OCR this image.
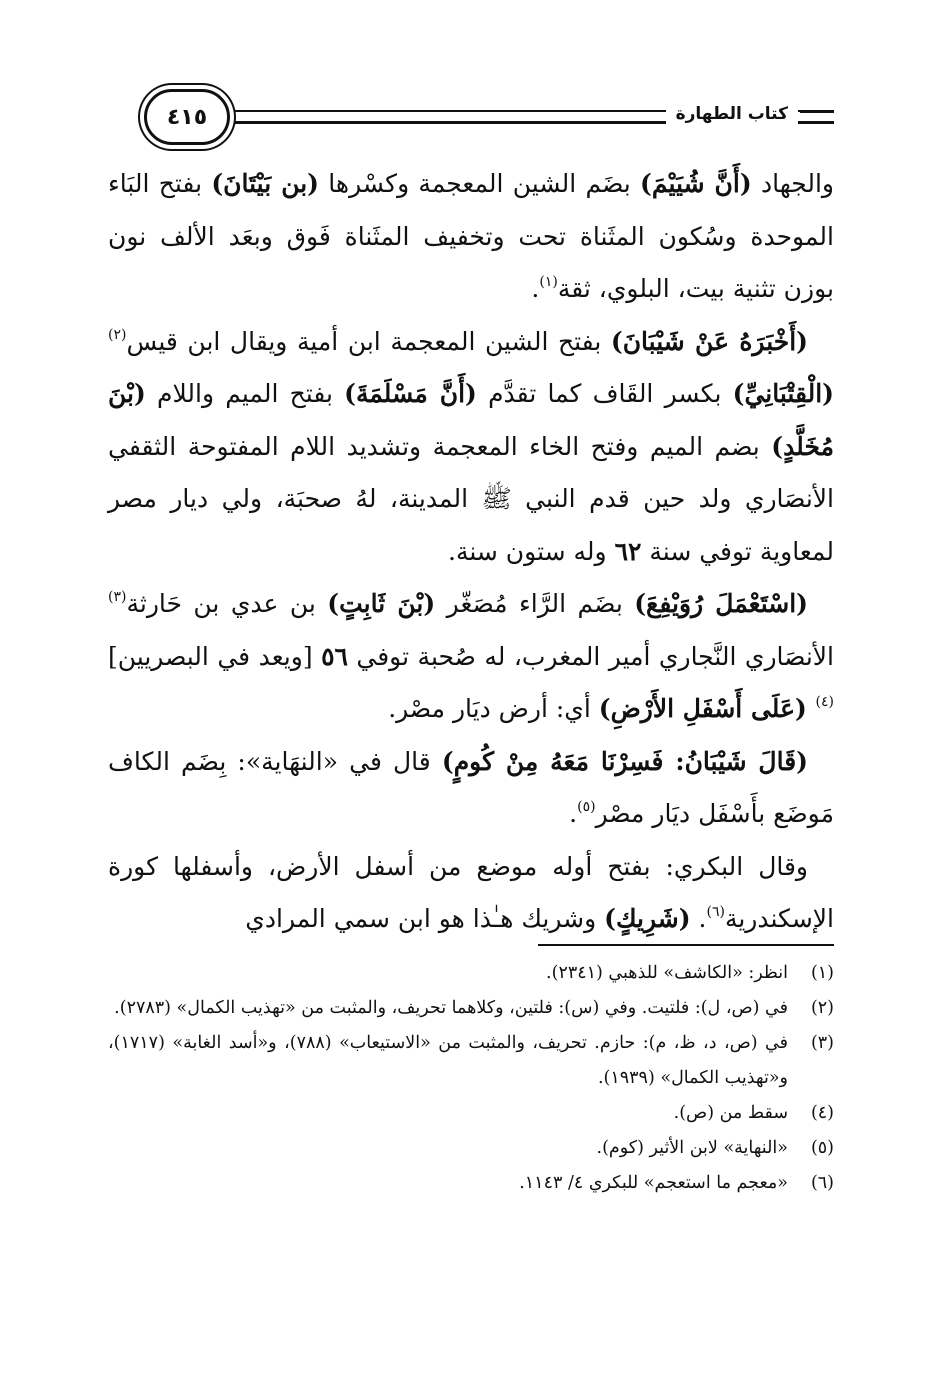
كتاب الطهارة
٤١٥

والجهاد (أَنَّ شُيَيْمَ) بضَم الشين المعجمة وكسْرها (بن بَيْتَانَ) بفتح البَاء الموحدة وسُكون المثَناة تحت وتخفيف المثَناة فَوق وبعَد الألف نون بوزن تثنية بيت، البلوي، ثقة$^{(١)}$.

(أَخْبَرَهُ عَنْ شَيْبَانَ) بفتح الشين المعجمة ابن أمية ويقال ابن قيس$^{(٢)}$ (الْقِتْبَانِيِّ) بكسر القَاف كما تقدَّم (أَنَّ مَسْلَمَةَ) بفتح الميم واللام (بْنَ مُخَلَّدٍ) بضم الميم وفتح الخاء المعجمة وتشديد اللام المفتوحة الثقفي الأنصَاري ولد حين قدم النبي ﷺ المدينة، لهُ صحبَة، ولي ديار مصر لمعاوية توفي سنة ٦٢ وله ستون سنة.

(اسْتَعْمَلَ رُوَيْفِعَ) بضَم الرَّاء مُصَغّر (بْنَ ثَابِتٍ) بن عدي بن حَارثة$^{(٣)}$ الأنصَاري النَّجاري أمير المغرب، له صُحبة توفي ٥٦ [ويعد في البصريين]$^{(٤)}$ (عَلَى أَسْفَلِ الأَرْضِ) أي: أرض ديَار مصْر.

(قَالَ شَيْبَانُ: فَسِرْنَا مَعَهُ مِنْ كُومٍ) قال في «النهَاية»: بِضَم الكاف مَوضَع بأَسْفَل ديَار مصْر$^{(٥)}$.

وقال البكري: بفتح أوله موضع من أسفل الأرض، وأسفلها كورة الإسكندرية$^{(٦)}$. (شَرِيكٍ) وشريك هـٰذا هو ابن سمي المرادي

(١)
انظر: «الكاشف» للذهبي (٢٣٤١).
(٢)
في (ص، ل): فلتيت. وفي (س): فلتين، وكلاهما تحريف، والمثبت من «تهذيب الكمال» (٢٧٨٣).
(٣)
في (ص، د، ظ، م): حازم. تحريف، والمثبت من «الاستيعاب» (٧٨٨)، و«أسد الغابة» (١٧١٧)، و«تهذيب الكمال» (١٩٣٩).
(٤)
سقط من (ص).
(٥)
«النهاية» لابن الأثير (كوم).
(٦)
«معجم ما استعجم» للبكري ٤/ ١١٤٣.
